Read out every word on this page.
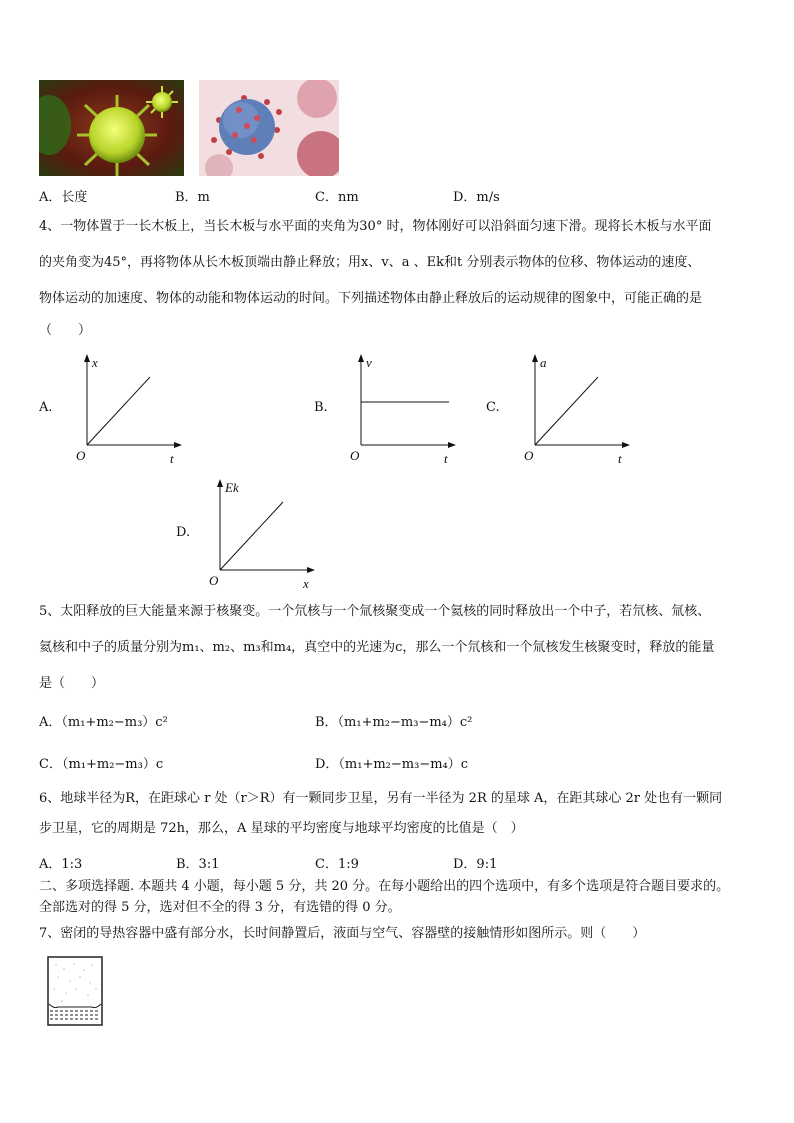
A．长度	B．m	C．nm	D．m/s
4、一物体置于一长木板上，当长木板与水平面的夹角为30° 时，物体刚好可以沿斜面匀速下滑。现将长木板与水平面
的夹角变为45°，再将物体从长木板顶端由静止释放；用x、v、a 、Ek和t 分别表示物体的位移、物体运动的速度、
物体运动的加速度、物体的动能和物体运动的时间。下列描述物体由静止释放后的运动规律的图象中，可能正确的是
（　　）
A.
x
t
O
B.
v
t
O
C.
a
t
O
D.
Ek
x
O
5、太阳释放的巨大能量来源于核聚变。一个氘核与一个氚核聚变成一个氦核的同时释放出一个中子，若氘核、氚核、
氦核和中子的质量分别为m₁、m₂、m₃和m₄，真空中的光速为c，那么一个氘核和一个氚核发生核聚变时，释放的能量
是（　　）
A．（m₁+m₂−m₃）c²	B．（m₁+m₂−m₃−m₄）c²
C．（m₁+m₂−m₃）c	D．（m₁+m₂−m₃−m₄）c
6、地球半径为R，在距球心 r 处（r＞R）有一颗同步卫星，另有一半径为 2R 的星球 A，在距其球心 2r 处也有一颗同
步卫星，它的周期是 72h，那么，A 星球的平均密度与地球平均密度的比值是（　）
A．1:3	B．3:1	C．1:9	D．9:1
二、多项选择题. 本题共 4 小题，每小题 5 分，共 20 分。在每小题给出的四个选项中，有多个选项是符合题目要求的。
全部选对的得 5 分，选对但不全的得 3 分，有选错的得 0 分。
7、密闭的导热容器中盛有部分水，长时间静置后，液面与空气、容器壁的接触情形如图所示。则（　　）
